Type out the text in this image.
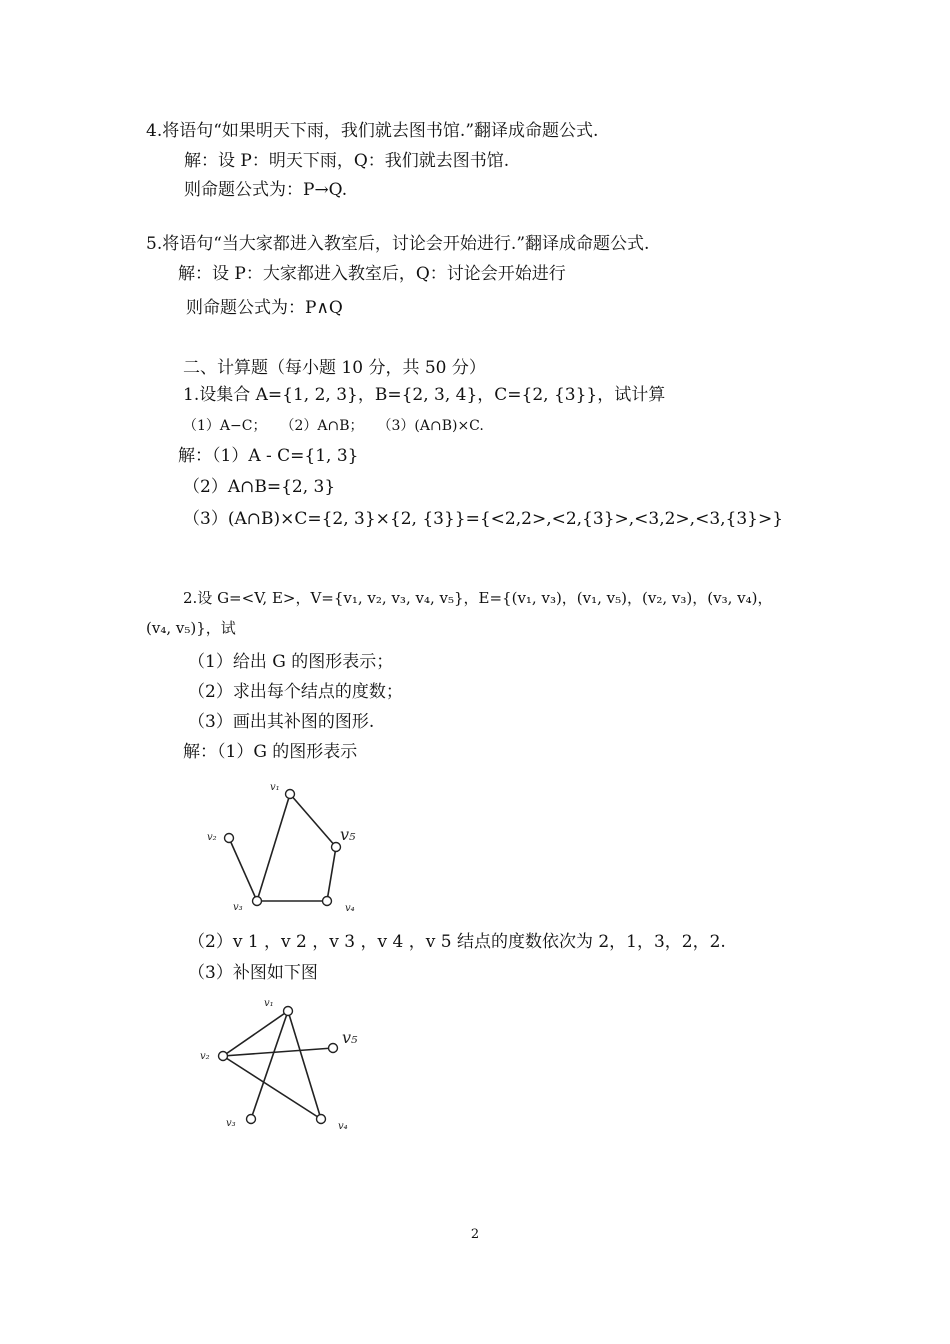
4.将语句“如果明天下雨，我们就去图书馆.”翻译成命题公式.
解：设 P：明天下雨，Q：我们就去图书馆.
则命题公式为：P→Q.
5.将语句“当大家都进入教室后，讨论会开始进行.”翻译成命题公式.
解：设 P：大家都进入教室后，Q：讨论会开始进行
则命题公式为：P∧Q
二、计算题（每小题 10 分，共 50 分）
1.设集合 A={1, 2, 3}，B={2, 3, 4}，C={2, {3}}，试计算
（1）A−C；　　（2）A∩B；　　（3）(A∩B)×C.
解：（1）A - C={1, 3}
（2）A∩B={2, 3}
（3）(A∩B)×C={2, 3}×{2, {3}}={<2,2>,<2,{3}>,<3,2>,<3,{3}>}
2.设 G=<V, E>，V={v₁, v₂, v₃, v₄, v₅}，E={(v₁, v₃)，(v₁, v₅)，(v₂, v₃)，(v₃, v₄)，
(v₄, v₅)}，试
（1）给出 G 的图形表示；
（2）求出每个结点的度数；
（3）画出其补图的图形.
解：（1）G 的图形表示
v₁
v₂
v₃	v₄
v₅
（2）v 1 ，v 2 ，v 3 ，v 4 ，v 5 结点的度数依次为 2，1，3，2，2.
（3）补图如下图
v₁
v₂
v₃	v₄
v₅
2
